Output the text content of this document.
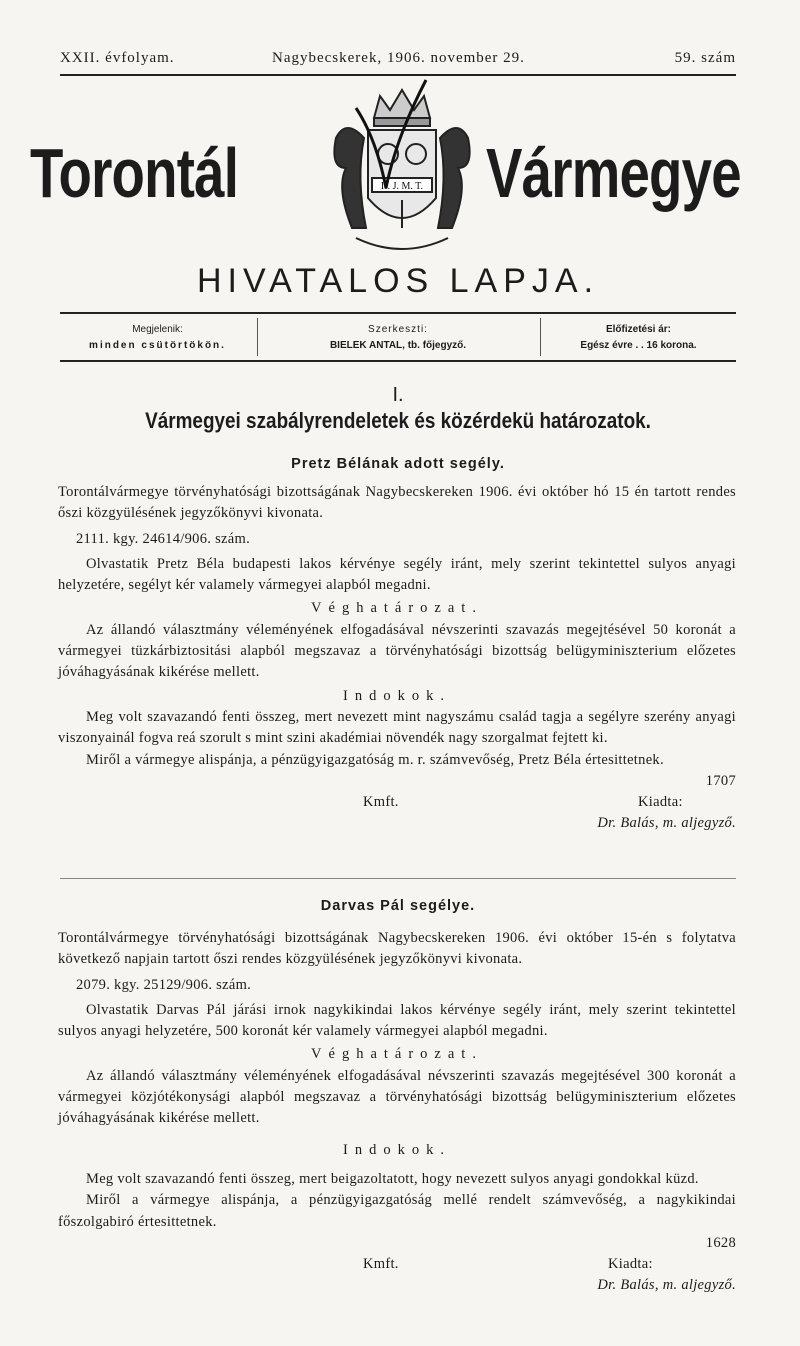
XXII. évfolyam.	Nagybecskerek, 1906. november 29.	59. szám
Torontál	Vármegye
II. J. M. T.
HIVATALOS LAPJA.
Megjelenik:
minden csütörtökön.
Szerkeszti:
BIELEK ANTAL, tb. főjegyző.
Előfizetési ár:
Egész évre . . 16 korona.
I.
Vármegyei szabályrendeletek és közérdekü határozatok.
Pretz Bélának adott segély.

Torontálvármegye törvényhatósági bizottságának Nagybecskereken 1906. évi október hó 15 én tartott rendes őszi közgyülésének jegyzőkönyvi kivonata.

2111. kgy. 24614/906. szám.

Olvastatik Pretz Béla budapesti lakos kérvénye segély iránt, mely szerint tekintettel sulyos anyagi helyzetére, segélyt kér valamely vármegyei alapból megadni.

Véghatározat.

Az állandó választmány véleményének elfogadásával névszerinti szavazás megejtésével 50 koronát a vármegyei tüzkárbiztositási alapból megszavaz a törvényhatósági bizottság belügyminiszterium előzetes jóváhagyásának kikérése mellett.

Indokok.

Meg volt szavazandó fenti összeg, mert nevezett mint nagyszámu család tagja a segélyre szerény anyagi viszonyainál fogva reá szorult s mint szini akadémiai növendék nagy szorgalmat fejtett ki.

Miről a vármegye alispánja, a pénzügyigazgatóság m. r. számvevőség, Pretz Béla értesittetnek.

1707

Kmft.	Kiadta:
Dr. Balás, m. aljegyző.
Darvas Pál segélye.

Torontálvármegye törvényhatósági bizottságának Nagybecskereken 1906. évi október 15-én s folytatva következő napjain tartott őszi rendes közgyülésének jegyzőkönyvi kivonata.

2079. kgy. 25129/906. szám.

Olvastatik Darvas Pál járási irnok nagykikindai lakos kérvénye segély iránt, mely szerint tekintettel sulyos anyagi helyzetére, 500 koronát kér valamely vármegyei alapból megadni.

Véghatározat.

Az állandó választmány véleményének elfogadásával névszerinti szavazás megejtésével 300 koronát a vármegyei közjótékonysági alapból megszavaz a törvényhatósági bizottság belügyminiszterium előzetes jóváhagyásának kikérése mellett.

Indokok.

Meg volt szavazandó fenti összeg, mert beigazoltatott, hogy nevezett sulyos anyagi gondokkal küzd.

Miről a vármegye alispánja, a pénzügyigazgatóság mellé rendelt számvevőség, a nagykikindai főszolgabiró értesittetnek.

1628

Kmft.	Kiadta:
Dr. Balás, m. aljegyző.
